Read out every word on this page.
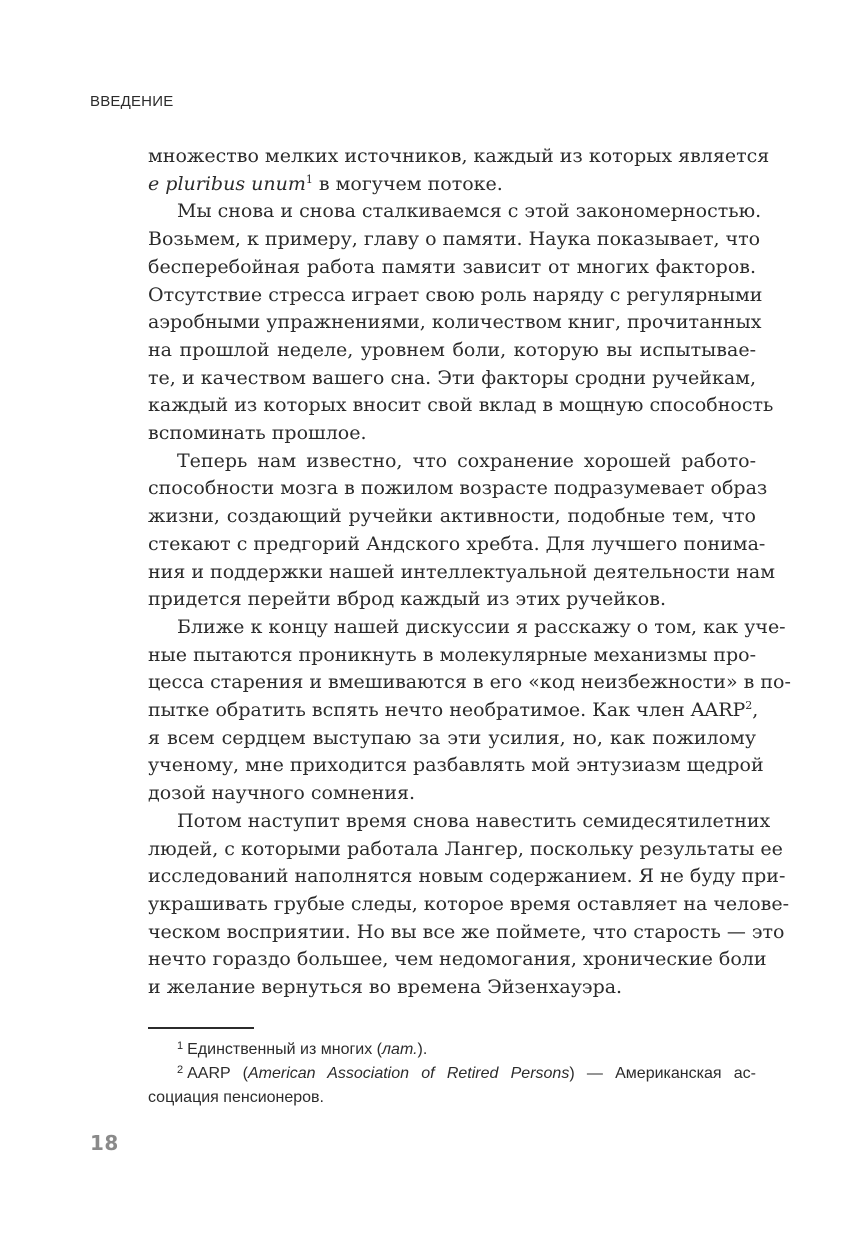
ВВЕДЕНИЕ

множество мелких источников, каждый из которых является
e pluribus unum$^1$ в могучем потоке.

Мы снова и снова сталкиваемся с этой закономерностью.
Возьмем, к примеру, главу о памяти. Наука показывает, что
бесперебойная работа памяти зависит от многих факторов.
Отсутствие стресса играет свою роль наряду с регулярными
аэробными упражнениями, количеством книг, прочитанных
на прошлой неделе, уровнем боли, которую вы испытывае-
те, и качеством вашего сна. Эти факторы сродни ручейкам,
каждый из которых вносит свой вклад в мощную способность
вспоминать прошлое.

Теперь нам известно, что сохранение хорошей работо-
способности мозга в пожилом возрасте подразумевает образ
жизни, создающий ручейки активности, подобные тем, что
стекают с предгорий Андского хребта. Для лучшего понима-
ния и поддержки нашей интеллектуальной деятельности нам
придется перейти вброд каждый из этих ручейков.

Ближе к концу нашей дискуссии я расскажу о том, как уче-
ные пытаются проникнуть в молекулярные механизмы про-
цесса старения и вмешиваются в его «код неизбежности» в по-
пытке обратить вспять нечто необратимое. Как член AARP$^2$,
я всем сердцем выступаю за эти усилия, но, как пожилому
ученому, мне приходится разбавлять мой энтузиазм щедрой
дозой научного сомнения.

Потом наступит время снова навестить семидесятилетних
людей, с которыми работала Лангер, поскольку результаты ее
исследований наполнятся новым содержанием. Я не буду при-
украшивать грубые следы, которое время оставляет на челове-
ческом восприятии. Но вы все же поймете, что старость — это
нечто гораздо большее, чем недомогания, хронические боли
и желание вернуться во времена Эйзенхауэра.

$^1$ Единственный из многих (лат.).
$^2$ AARP (American Association of Retired Persons) — Американская ас-
социация пенсионеров.
18
